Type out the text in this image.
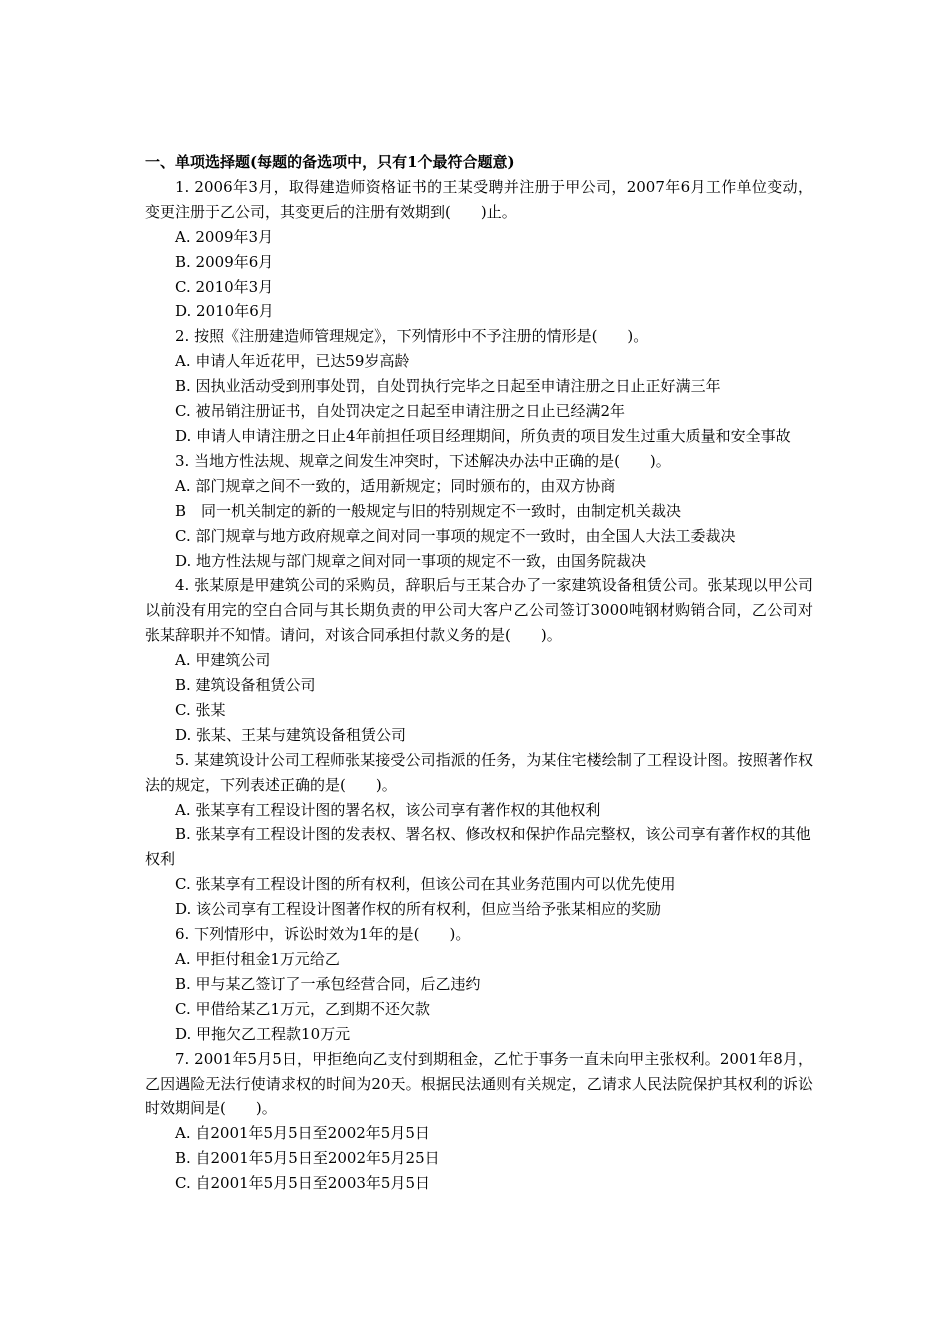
一、单项选择题(每题的备选项中，只有1个最符合题意)

1. 2006年3月，取得建造师资格证书的王某受聘并注册于甲公司，2007年6月工作单位变动，变更注册于乙公司，其变更后的注册有效期到(　　)止。

A. 2009年3月

B. 2009年6月

C. 2010年3月

D. 2010年6月

2. 按照《注册建造师管理规定》，下列情形中不予注册的情形是(　　)。

A. 申请人年近花甲，已达59岁高龄

B. 因执业活动受到刑事处罚，自处罚执行完毕之日起至申请注册之日止正好满三年

C. 被吊销注册证书，自处罚决定之日起至申请注册之日止已经满2年

D. 申请人申请注册之日止4年前担任项目经理期间，所负责的项目发生过重大质量和安全事故

3. 当地方性法规、规章之间发生冲突时，下述解决办法中正确的是(　　)。

A. 部门规章之间不一致的，适用新规定；同时颁布的，由双方协商

B　同一机关制定的新的一般规定与旧的特别规定不一致时，由制定机关裁决

C. 部门规章与地方政府规章之间对同一事项的规定不一致时，由全国人大法工委裁决

D. 地方性法规与部门规章之间对同一事项的规定不一致，由国务院裁决

4. 张某原是甲建筑公司的采购员，辞职后与王某合办了一家建筑设备租赁公司。张某现以甲公司以前没有用完的空白合同与其长期负责的甲公司大客户乙公司签订3000吨钢材购销合同，乙公司对张某辞职并不知情。请问，对该合同承担付款义务的是(　　)。

A. 甲建筑公司

B. 建筑设备租赁公司

C. 张某

D. 张某、王某与建筑设备租赁公司

5. 某建筑设计公司工程师张某接受公司指派的任务，为某住宅楼绘制了工程设计图。按照著作权法的规定，下列表述正确的是(　　)。

A. 张某享有工程设计图的署名权，该公司享有著作权的其他权利

B. 张某享有工程设计图的发表权、署名权、修改权和保护作品完整权，该公司享有著作权的其他权利

C. 张某享有工程设计图的所有权利，但该公司在其业务范围内可以优先使用

D. 该公司享有工程设计图著作权的所有权利，但应当给予张某相应的奖励

6. 下列情形中，诉讼时效为1年的是(　　)。

A. 甲拒付租金1万元给乙

B. 甲与某乙签订了一承包经营合同，后乙违约

C. 甲借给某乙1万元，乙到期不还欠款

D. 甲拖欠乙工程款10万元

7. 2001年5月5日，甲拒绝向乙支付到期租金，乙忙于事务一直未向甲主张权利。2001年8月，乙因遇险无法行使请求权的时间为20天。根据民法通则有关规定，乙请求人民法院保护其权利的诉讼时效期间是(　　)。

A. 自2001年5月5日至2002年5月5日

B. 自2001年5月5日至2002年5月25日

C. 自2001年5月5日至2003年5月5日
